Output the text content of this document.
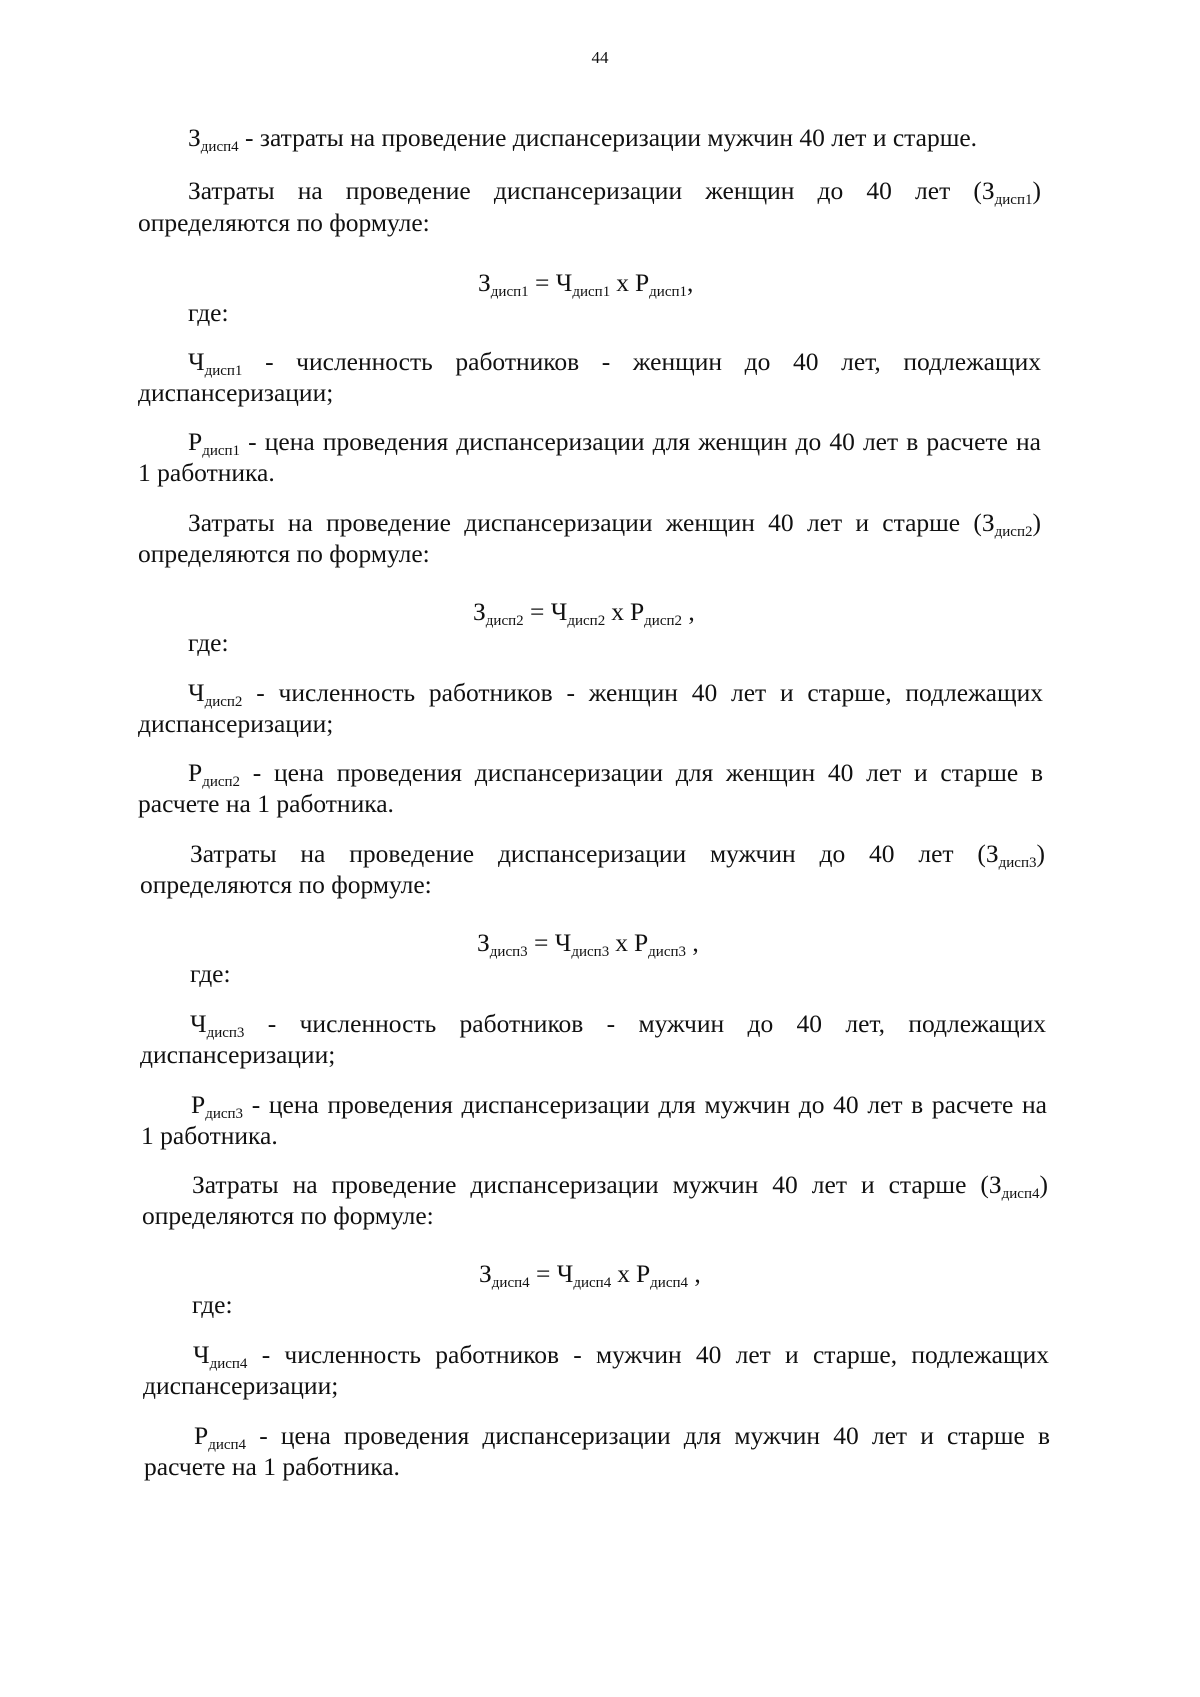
44
$З_{дисп4}$ - затраты на проведение диспансеризации мужчин 40 лет и старше.
Затраты на проведение диспансеризации женщин до 40 лет $(З_{дисп1})$
определяются по формуле:
$З_{дисп1} = Ч_{дисп1}$ х $Р_{дисп1}$,
где:
$Ч_{дисп1}$ - численность работников - женщин до 40 лет, подлежащих
диспансеризации;
$Р_{дисп1}$ - цена проведения диспансеризации для женщин до 40 лет в расчете на
1 работника.
Затраты на проведение диспансеризации женщин 40 лет и старше $(З_{дисп2})$
определяются по формуле:
$З_{дисп2} = Ч_{дисп2}$ х $Р_{дисп2}$ ,
где:
$Ч_{дисп2}$ - численность работников - женщин 40 лет и старше, подлежащих
диспансеризации;
$Р_{дисп2}$ - цена проведения диспансеризации для женщин 40 лет и старше в
расчете на 1 работника.
Затраты на проведение диспансеризации мужчин до 40 лет $(З_{дисп3})$
определяются по формуле:
$З_{дисп3} = Ч_{дисп3}$ х $Р_{дисп3}$ ,
где:
$Ч_{дисп3}$ - численность работников - мужчин до 40 лет, подлежащих
диспансеризации;
$Р_{дисп3}$ - цена проведения диспансеризации для мужчин до 40 лет в расчете на
1 работника.
Затраты на проведение диспансеризации мужчин 40 лет и старше $(З_{дисп4})$
определяются по формуле:
$З_{дисп4} = Ч_{дисп4}$ х $Р_{дисп4}$ ,
где:
$Ч_{дисп4}$ - численность работников - мужчин 40 лет и старше, подлежащих
диспансеризации;
$Р_{дисп4}$ - цена проведения диспансеризации для мужчин 40 лет и старше в
расчете на 1 работника.
